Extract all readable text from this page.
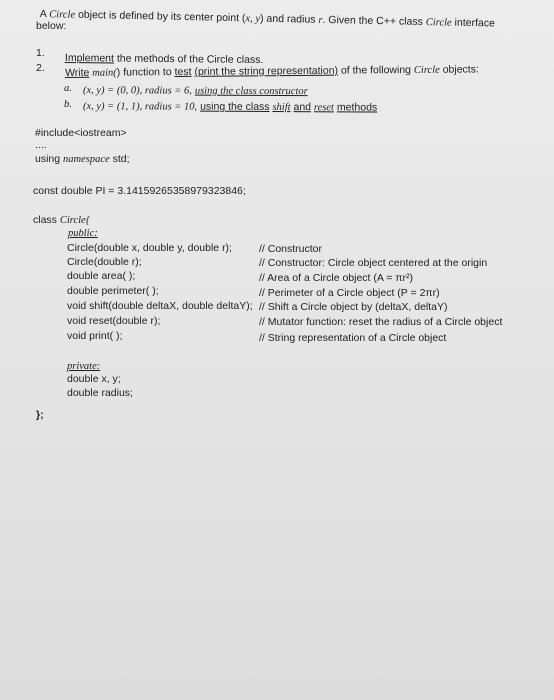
A Circle object is defined by its center point (x, y) and radius r. Given the C++ class Circle interface
below:
1.
2.
Implement the methods of the Circle class.
Write main() function to test (print the string representation) of the following Circle objects:
a. (x, y) = (0, 0), radius = 6, using the class constructor
b. (x, y) = (1, 1), radius = 10, using the class shift and reset methods
#include<iostream>
....
using namespace std;
const double PI = 3.14159265358979323846;
class Circle{
public:
Circle(double x, double y, double r);	// Constructor
Circle(double r);	// Constructor: Circle object centered at the origin
double area( );	// Area of a Circle object (A = πr²)
double perimeter( );	// Perimeter of a Circle object (P = 2πr)
void shift(double deltaX, double deltaY); // Shift a Circle object by (deltaX, deltaY)
void reset(double r);	// Mutator function: reset the radius of a Circle object
void print( );	// String representation of a Circle object
private:
double x, y;
double radius;
};
